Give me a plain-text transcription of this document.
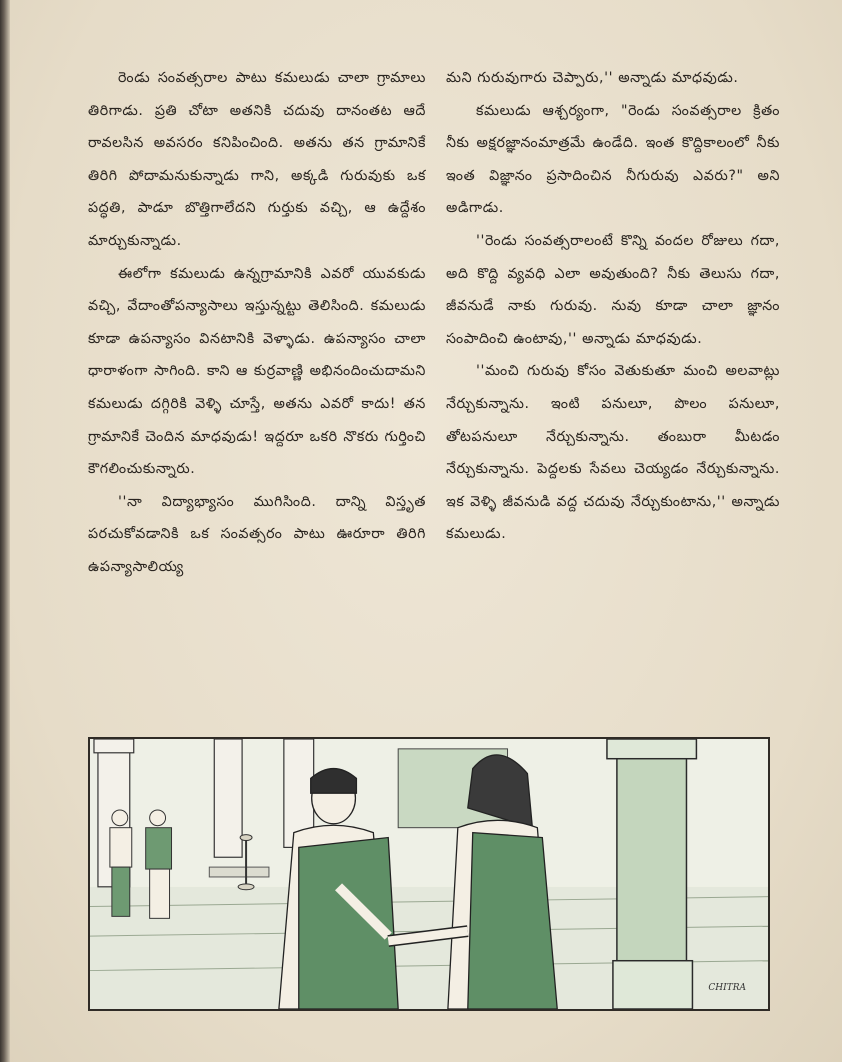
రెండు సంవత్సరాల పాటు కమలుడు చాలా గ్రామాలు తిరిగాడు. ప్రతి చోటా అతనికి చదువు దానంతట ఆదే రావలసిన అవసరం కనిపించింది. అతను తన గ్రామానికే తిరిగి పోదామనుకున్నాడు గాని, అక్కడి గురువుకు ఒక పద్ధతి, పాడూ బొత్తిగాలేదని గుర్తుకు వచ్చి, ఆ ఉద్దేశం మార్చుకున్నాడు.

ఈలోగా కమలుడు ఉన్నగ్రామానికి ఎవరో యువకుడు వచ్చి, వేదాంతోపన్యాసాలు ఇస్తున్నట్టు తెలిసింది. కమలుడు కూడా ఉపన్యాసం వినటానికి వెళ్ళాడు. ఉపన్యాసం చాలా ధారాళంగా సాగింది. కాని ఆ కుర్రవాణ్ణి అభినందించుదామని కమలుడు దగ్గిరికి వెళ్ళి చూస్తే, అతను ఎవరో కాదు! తన గ్రామానికే చెందిన మాధవుడు! ఇద్దరూ ఒకరి నొకరు గుర్తించి కౌగలించుకున్నారు.

''నా విద్యాభ్యాసం ముగిసింది. దాన్ని విస్తృత పరచుకోవడానికి ఒక సంవత్సరం పాటు ఊరూరా తిరిగి ఉపన్యాసాలియ్య

మని గురువుగారు చెప్పారు,'' అన్నాడు మాధవుడు.

కమలుడు ఆశ్చర్యంగా, "రెండు సంవత్సరాల క్రితం నీకు అక్షరజ్ఞానంమాత్రమే ఉండేది. ఇంత కొద్దికాలంలో నీకు ఇంత విజ్ఞానం ప్రసాదించిన నీగురువు ఎవరు?" అని అడిగాడు.

''రెండు సంవత్సరాలంటే కొన్ని వందల రోజులు గదా, అది కొద్ది వ్యవధి ఎలా అవుతుంది? నీకు తెలుసు గదా, జీవనుడే నాకు గురువు. నువు కూడా చాలా జ్ఞానం సంపాదించి ఉంటావు,'' అన్నాడు మాధవుడు.

''మంచి గురువు కోసం వెతుకుతూ మంచి అలవాట్లు నేర్చుకున్నాను. ఇంటి పనులూ, పొలం పనులూ, తోటపనులూ నేర్చుకున్నాను. తంబురా మీటడం నేర్చుకున్నాను. పెద్దలకు సేవలు చెయ్యడం నేర్చుకున్నాను. ఇక వెళ్ళి జీవనుడి వద్ద చదువు నేర్చుకుంటాను,'' అన్నాడు కమలుడు.

CHITRA
